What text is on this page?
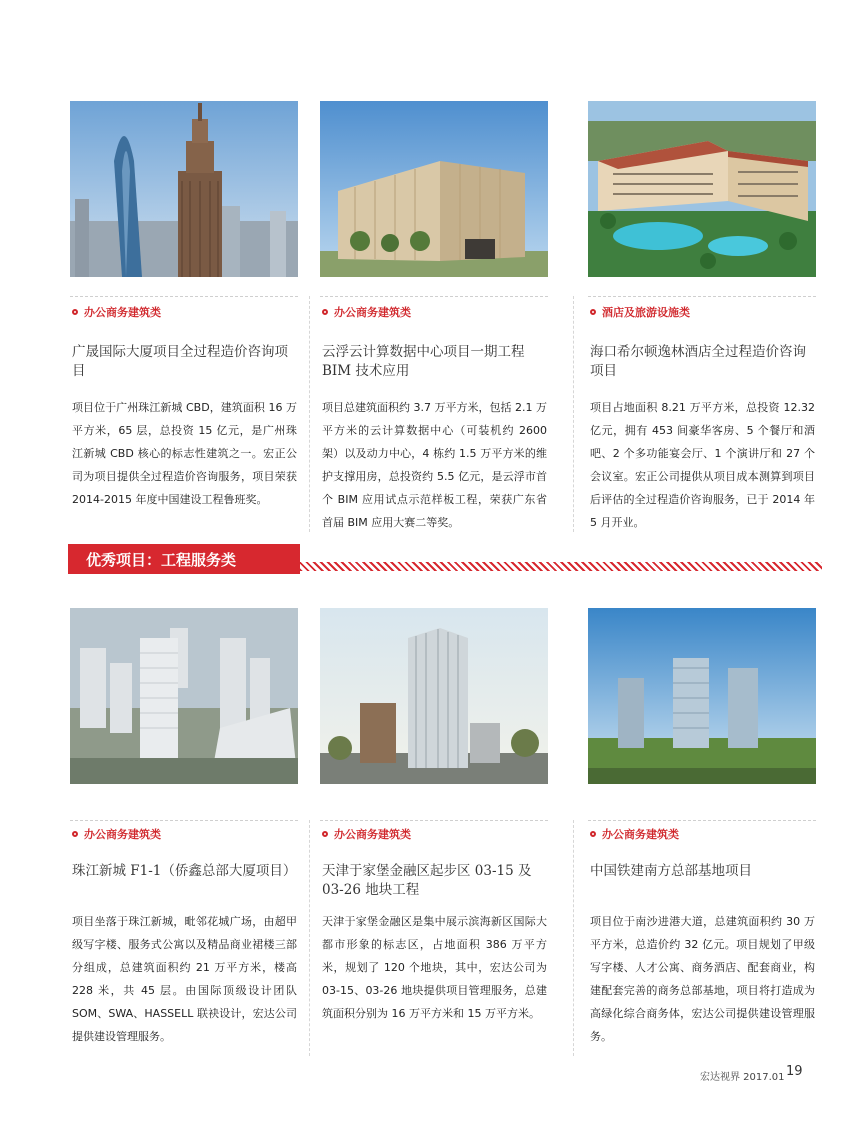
办公商务建筑类	办公商务建筑类	酒店及旅游设施类
广晟国际大厦项目全过程造价咨询项目
云浮云计算数据中心项目一期工程 BIM 技术应用
海口希尔顿逸林酒店全过程造价咨询项目
项目位于广州珠江新城 CBD，建筑面积 16 万平方米，65 层，总投资 15 亿元，是广州珠江新城 CBD 核心的标志性建筑之一。宏正公司为项目提供全过程造价咨询服务，项目荣获 2014-2015 年度中国建设工程鲁班奖。
项目总建筑面积约 3.7 万平方米，包括 2.1 万平方米的云计算数据中心（可装机约 2600 架）以及动力中心，4 栋约 1.5 万平方米的维护支撑用房，总投资约 5.5 亿元，是云浮市首个 BIM 应用试点示范样板工程，荣获广东省首届 BIM 应用大赛二等奖。
项目占地面积 8.21 万平方米，总投资 12.32 亿元，拥有 453 间豪华客房、5 个餐厅和酒吧、2 个多功能宴会厅、1 个演讲厅和 27 个会议室。宏正公司提供从项目成本测算到项目后评估的全过程造价咨询服务，已于 2014 年 5 月开业。
优秀项目：工程服务类
办公商务建筑类	办公商务建筑类	办公商务建筑类
珠江新城 F1-1（侨鑫总部大厦项目） 天津于家堡金融区起步区 03-15 及 03-26 地块工程
中国铁建南方总部基地项目
项目坐落于珠江新城，毗邻花城广场，由超甲级写字楼、服务式公寓以及精品商业裙楼三部分组成，总建筑面积约 21 万平方米，楼高 228 米，共 45 层。由国际顶级设计团队 SOM、SWA、HASSELL 联袂设计，宏达公司提供建设管理服务。
天津于家堡金融区是集中展示滨海新区国际大都市形象的标志区，占地面积 386 万平方米，规划了 120 个地块，其中，宏达公司为 03-15、03-26 地块提供项目管理服务，总建筑面积分别为 16 万平方米和 15 万平方米。
项目位于南沙进港大道，总建筑面积约 30 万平方米，总造价约 32 亿元。项目规划了甲级写字楼、人才公寓、商务酒店、配套商业，构建配套完善的商务总部基地，项目将打造成为高绿化综合商务体，宏达公司提供建设管理服务。
宏达视界 2017.01 19
